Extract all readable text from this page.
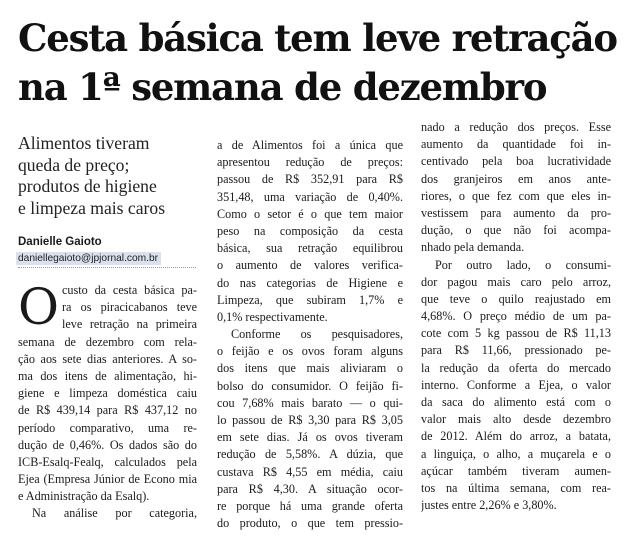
Cesta básica tem leve retração
na 1ª semana de dezembro
Alimentos tiveram
queda de preço;
produtos de higiene
e limpeza mais caros
Danielle Gaioto
daniellegaioto@jpjornal.com.br
O custo da cesta básica pa-
ra os piracicabanos teve
leve retração na primeira
semana de dezembro com rela-
ção aos sete dias anteriores. A so-
ma dos itens de alimentação, hi-
giene e limpeza doméstica caiu
de R$ 439,14 para R$ 437,12 no
período comparativo, uma re-
dução de 0,46%. Os dados são do
ICB-Esalq-Fealq, calculados pela
Ejea (Empresa Júnior de Econo mia
e Administração da Esalq).
Na análise por categoria,
a de Alimentos foi a única que
apresentou redução de preços:
passou de R$ 352,91 para R$
351,48, uma variação de 0,40%.
Como o setor é o que tem maior
peso na composição da cesta
básica, sua retração equilibrou
o aumento de valores verifica-
do nas categorias de Higiene e
Limpeza, que subiram 1,7% e
0,1% respectivamente.
Conforme os pesquisadores,
o feijão e os ovos foram alguns
dos itens que mais aliviaram o
bolso do consumidor. O feijão fi-
cou 7,68% mais barato — o qui-
lo passou de R$ 3,30 para R$ 3,05
em sete dias. Já os ovos tiveram
redução de 5,58%. A dúzia, que
custava R$ 4,55 em média, caiu
para R$ 4,30. A situação ocor-
re porque há uma grande oferta
do produto, o que tem pressio-
nado a redução dos preços. Esse
aumento da quantidade foi in-
centivado pela boa lucratividade
dos granjeiros em anos ante-
riores, o que fez com que eles in-
vestissem para aumento da pro-
dução, o que não foi acompa-
nhado pela demanda.
Por outro lado, o consumi-
dor pagou mais caro pelo arroz,
que teve o quilo reajustado em
4,68%. O preço médio de um pa-
cote com 5 kg passou de R$ 11,13
para R$ 11,66, pressionado pe-
la redução da oferta do mercado
interno. Conforme a Ejea, o valor
da saca do alimento está com o
valor mais alto desde dezembro
de 2012. Além do arroz, a batata,
a linguiça, o alho, a muçarela e o
açúcar também tiveram aumen-
tos na última semana, com rea-
justes entre 2,26% e 3,80%.
